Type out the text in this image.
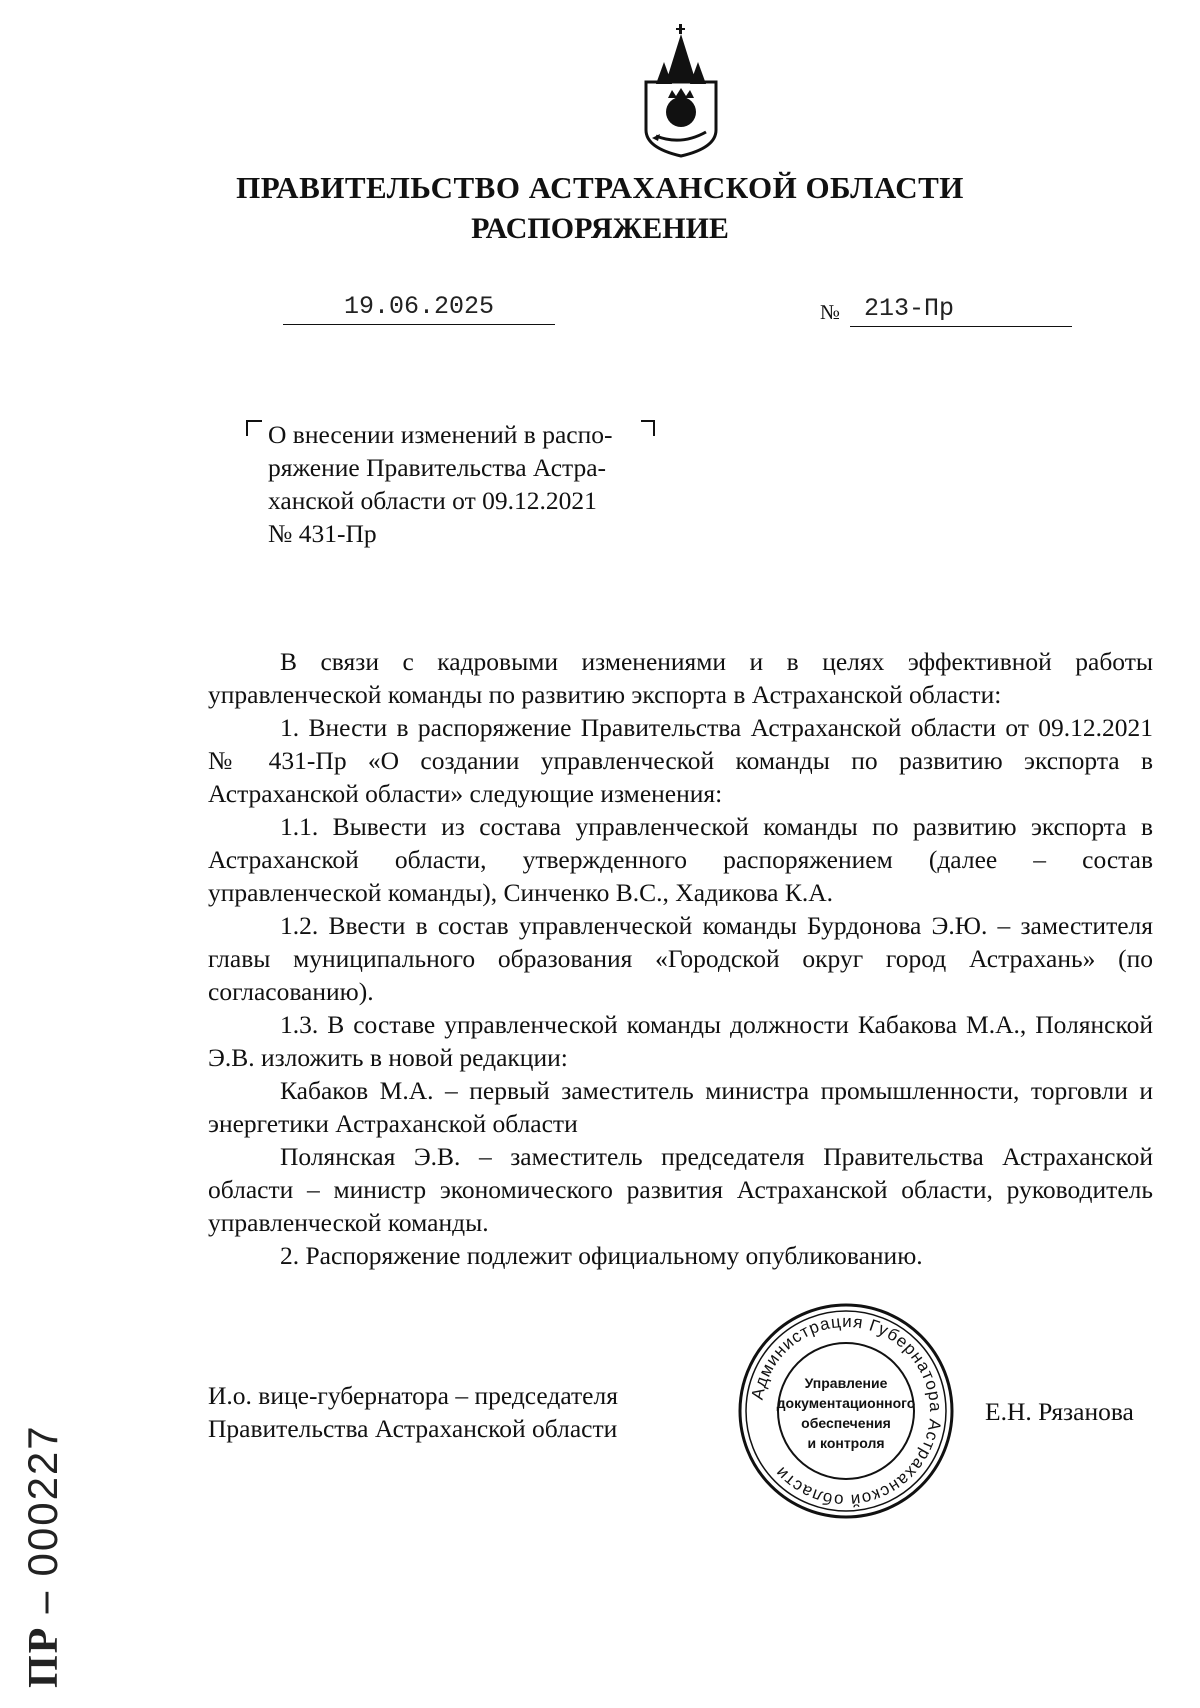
ПРАВИТЕЛЬСТВО АСТРАХАНСКОЙ ОБЛАСТИ
РАСПОРЯЖЕНИЕ
19.06.2025	№ 213-Пр

О внесении изменений в распо-

ряжение Правительства Астра-

ханской области от 09.12.2021

№ 431-Пр

В связи с кадровыми изменениями и в целях эффективной работы управленческой команды по развитию экспорта в Астраханской области:

1. Внести в распоряжение Правительства Астраханской области от 09.12.2021 № 431-Пр «О создании управленческой команды по развитию экспорта в Астраханской области» следующие изменения:

1.1. Вывести из состава управленческой команды по развитию экспорта в Астраханской области, утвержденного распоряжением (далее – состав управленческой команды), Синченко В.С., Хадикова К.А.

1.2. Ввести в состав управленческой команды Бурдонова Э.Ю. – заместителя главы муниципального образования «Городской округ город Астрахань» (по согласованию).

1.3. В составе управленческой команды должности Кабакова М.А., Полянской Э.В. изложить в новой редакции:

Кабаков М.А. – первый заместитель министра промышленности, торговли и энергетики Астраханской области

Полянская Э.В. – заместитель председателя Правительства Астраханской области – министр экономического развития Астраханской области, руководитель управленческой команды.

2. Распоряжение подлежит официальному опубликованию.

И.о. вице-губернатора – председателя

Правительства Астраханской области

Администрация Губернатора Астраханской области
Управление
документационного
обеспечения
и контроля
Е.Н. Рязанова
ПР – 000227
